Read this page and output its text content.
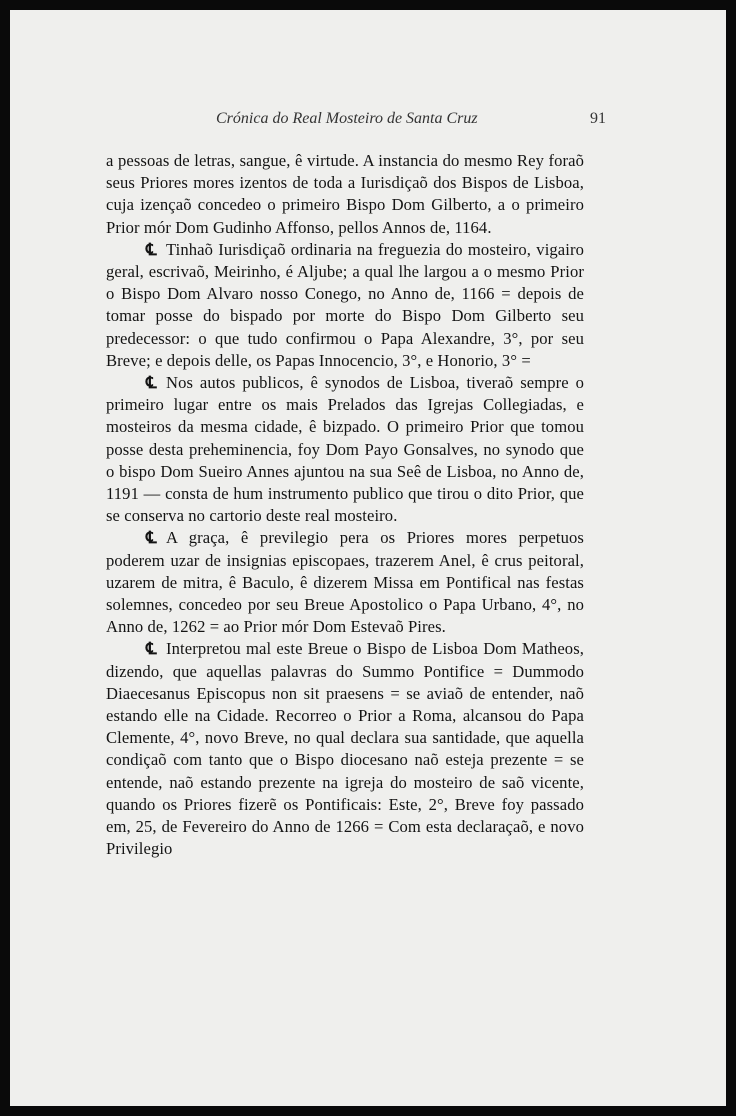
Crónica do Real Mosteiro de Santa Cruz	91

a pessoas de letras, sangue, ê virtude. A instancia do mesmo Rey foraõ seus Priores mores izentos de toda a Iurisdiçaõ dos Bispos de Lisboa, cuja izençaõ concedeo o primeiro Bispo Dom Gilberto, a o primeiro Prior mór Dom Gudinho Affonso, pellos Annos de, 1164.

℄ Tinhaõ Iurisdiçaõ ordinaria na freguezia do mosteiro, vigairo geral, escrivaõ, Meirinho, é Aljube; a qual lhe largou a o mesmo Prior o Bispo Dom Alvaro nosso Conego, no Anno de, 1166 = depois de tomar posse do bispado por morte do Bispo Dom Gilberto seu predecessor: o que tudo confirmou o Papa Alexandre, 3°, por seu Breve; e depois delle, os Papas Innocencio, 3°, e Honorio, 3° =

℄ Nos autos publicos, ê synodos de Lisboa, tiveraõ sempre o primeiro lugar entre os mais Prelados das Igrejas Collegiadas, e mosteiros da mesma cidade, ê bizpado. O primeiro Prior que tomou posse desta preheminencia, foy Dom Payo Gonsalves, no synodo que o bispo Dom Sueiro Annes ajuntou na sua Seê de Lisboa, no Anno de, 1191 — consta de hum instrumento publico que tirou o dito Prior, que se conserva no cartorio deste real mosteiro.

℄ A graça, ê previlegio pera os Priores mores perpetuos poderem uzar de insignias episcopaes, trazerem Anel, ê crus peitoral, uzarem de mitra, ê Baculo, ê dizerem Missa em Pontifical nas festas solemnes, concedeo por seu Breue Apostolico o Papa Urbano, 4°, no Anno de, 1262 = ao Prior mór Dom Estevaõ Pires.

℄ Interpretou mal este Breue o Bispo de Lisboa Dom Matheos, dizendo, que aquellas palavras do Summo Pontifice = Dummodo Diaecesanus Episcopus non sit praesens = se aviaõ de entender, naõ estando elle na Cidade. Recorreo o Prior a Roma, alcansou do Papa Clemente, 4°, novo Breve, no qual declara sua santidade, que aquella condiçaõ com tanto que o Bispo diocesano naõ esteja prezente = se entende, naõ estando prezente na igreja do mosteiro de saõ vicente, quando os Priores fizerẽ os Pontificais: Este, 2°, Breve foy passado em, 25, de Fevereiro do Anno de 1266 = Com esta declaraçaõ, e novo Privilegio
